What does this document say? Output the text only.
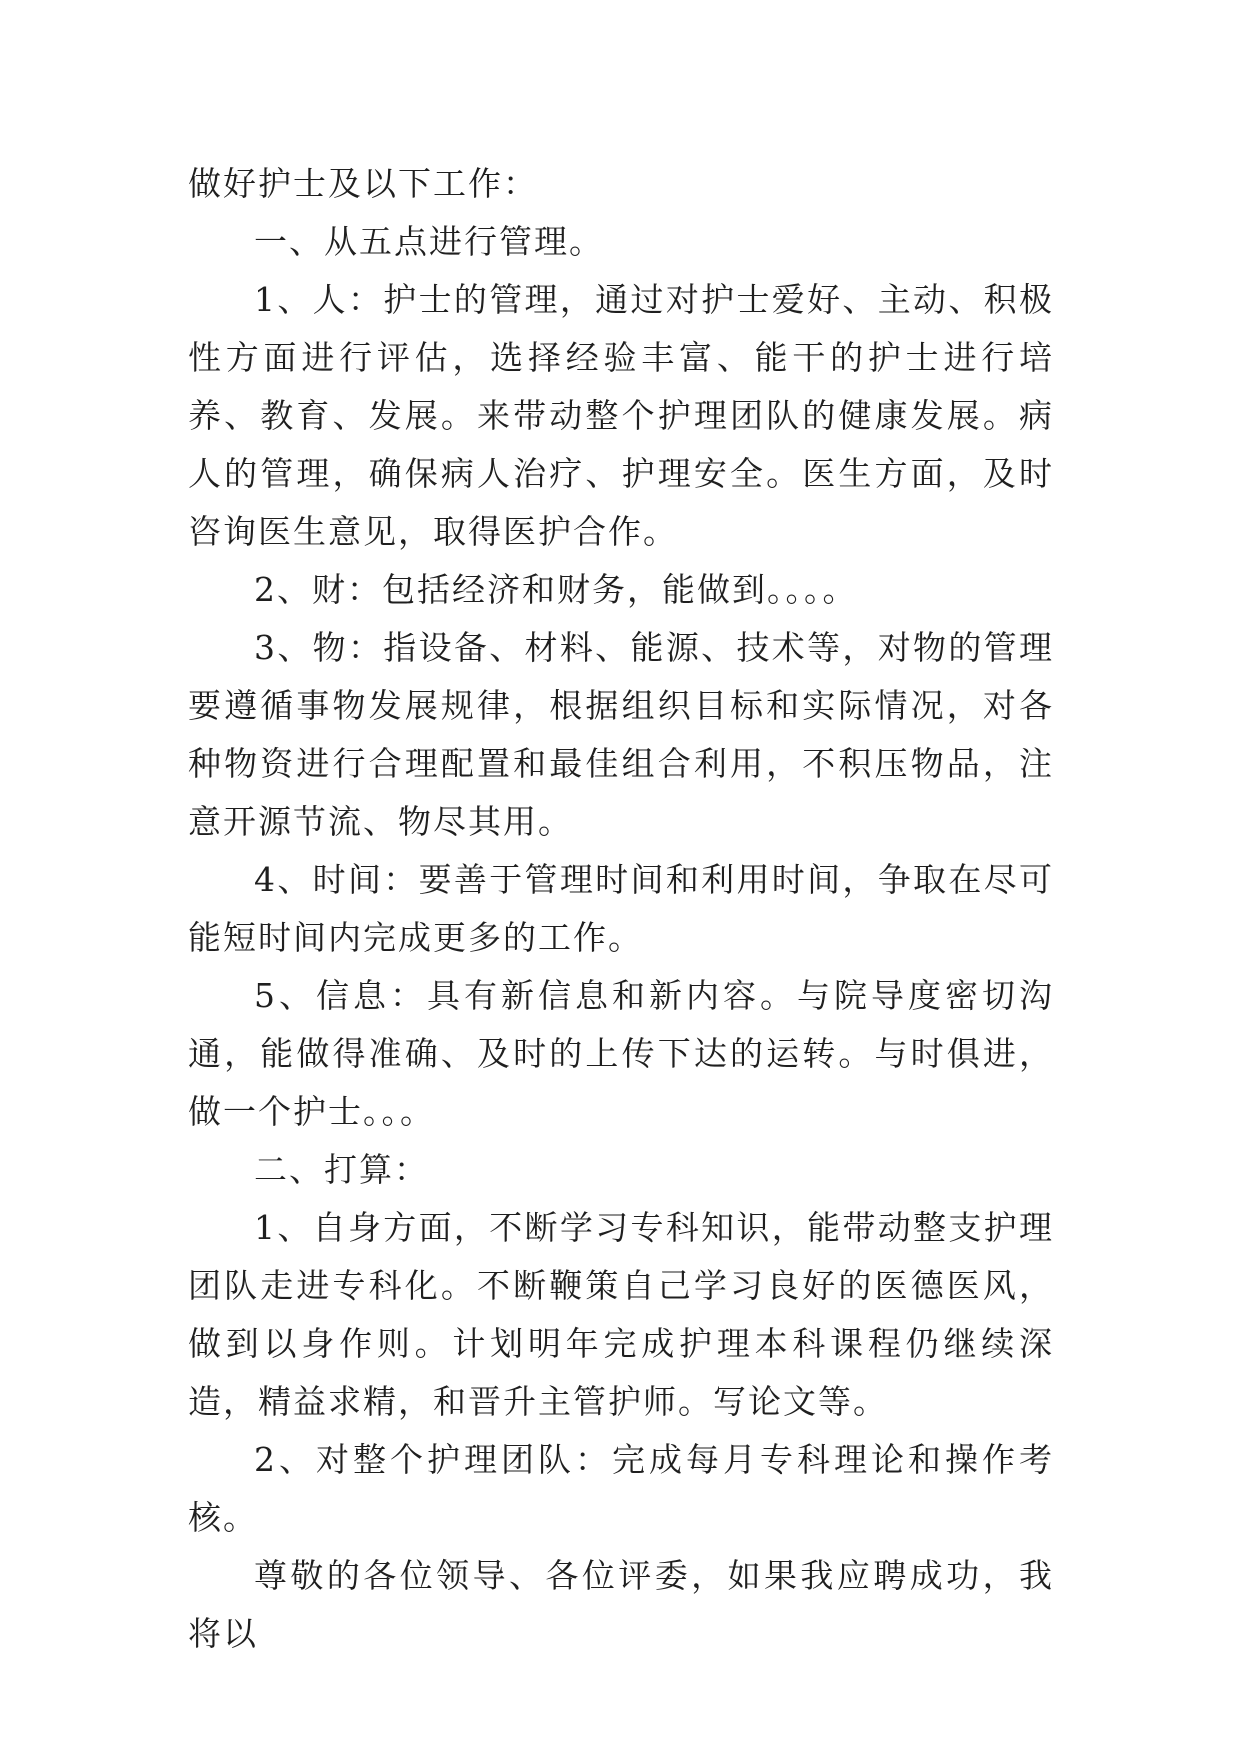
做好护士及以下工作：

一、从五点进行管理。

1、人：护士的管理，通过对护士爱好、主动、积极性方面进行评估，选择经验丰富、能干的护士进行培养、教育、发展。来带动整个护理团队的健康发展。病人的管理，确保病人治疗、护理安全。医生方面，及时咨询医生意见，取得医护合作。

2、财：包括经济和财务，能做到。。。。

3、物：指设备、材料、能源、技术等，对物的管理要遵循事物发展规律，根据组织目标和实际情况，对各种物资进行合理配置和最佳组合利用，不积压物品，注意开源节流、物尽其用。

4、时间：要善于管理时间和利用时间，争取在尽可能短时间内完成更多的工作。

5、信息：具有新信息和新内容。与院导度密切沟通，能做得准确、及时的上传下达的运转。与时俱进，做一个护士。。。

二、打算：

1、自身方面，不断学习专科知识，能带动整支护理团队走进专科化。不断鞭策自己学习良好的医德医风，做到以身作则。计划明年完成护理本科课程仍继续深造，精益求精，和晋升主管护师。写论文等。

2、对整个护理团队：完成每月专科理论和操作考核。

尊敬的各位领导、各位评委，如果我应聘成功，我将以
